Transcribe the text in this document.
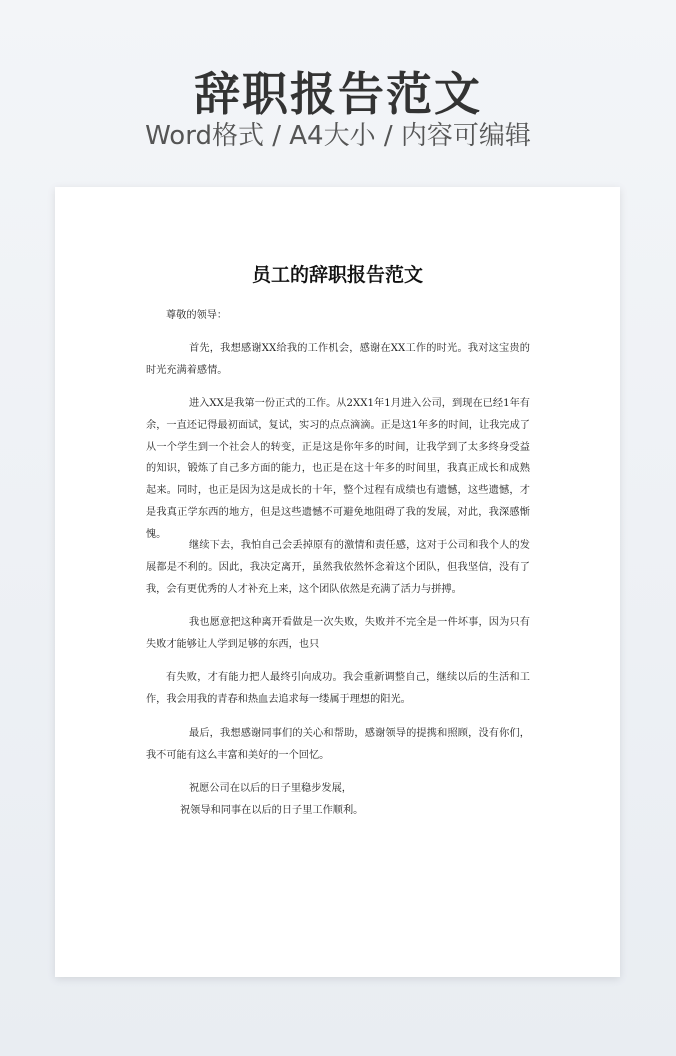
辞职报告范文
Word格式 / A4大小 / 内容可编辑
员工的辞职报告范文

尊敬的领导：

首先，我想感谢XX给我的工作机会，感谢在XX工作的时光。我对这宝贵的时光充满着感情。

进入XX是我第一份正式的工作。从2XX1年1月进入公司，到现在已经1年有余，一直还记得最初面试，复试，实习的点点滴滴。正是这1年多的时间，让我完成了从一个学生到一个社会人的转变，正是这是你年多的时间，让我学到了太多终身受益的知识，锻炼了自己多方面的能力，也正是在这十年多的时间里，我真正成长和成熟起来。同时，也正是因为这是成长的十年，整个过程有成绩也有遗憾，这些遗憾，才是我真正学东西的地方，但是这些遗憾不可避免地阻碍了我的发展，对此，我深感惭愧。

继续下去，我怕自己会丢掉原有的激情和责任感，这对于公司和我个人的发展都是不利的。因此，我决定离开，虽然我依然怀念着这个团队，但我坚信，没有了我，会有更优秀的人才补充上来，这个团队依然是充满了活力与拼搏。

我也愿意把这种离开看做是一次失败，失败并不完全是一件坏事，因为只有失败才能够让人学到足够的东西，也只

有失败，才有能力把人最终引向成功。我会重新调整自己，继续以后的生活和工作，我会用我的青春和热血去追求每一缕属于理想的阳光。

最后，我想感谢同事们的关心和帮助，感谢领导的提携和照顾，没有你们，我不可能有这么丰富和美好的一个回忆。

祝愿公司在以后的日子里稳步发展，

祝领导和同事在以后的日子里工作顺利。
